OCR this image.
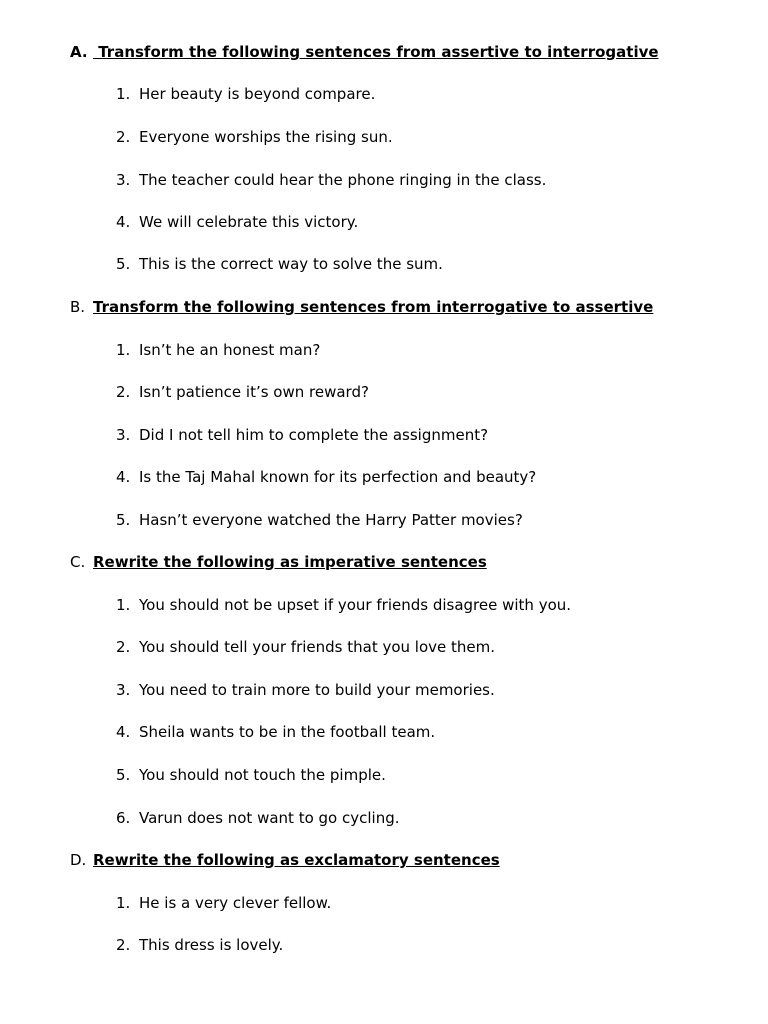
A. Transform the following sentences from assertive to interrogative
1. Her beauty is beyond compare.
2. Everyone worships the rising sun.
3. The teacher could hear the phone ringing in the class.
4. We will celebrate this victory.
5. This is the correct way to solve the sum.
B. Transform the following sentences from interrogative to assertive
1. Isn’t he an honest man?
2. Isn’t patience it’s own reward?
3. Did I not tell him to complete the assignment?
4. Is the Taj Mahal known for its perfection and beauty?
5. Hasn’t everyone watched the Harry Patter movies?
C. Rewrite the following as imperative sentences
1. You should not be upset if your friends disagree with you.
2. You should tell your friends that you love them.
3. You need to train more to build your memories.
4. Sheila wants to be in the football team.
5. You should not touch the pimple.
6. Varun does not want to go cycling.
D. Rewrite the following as exclamatory sentences
1. He is a very clever fellow.
2. This dress is lovely.
